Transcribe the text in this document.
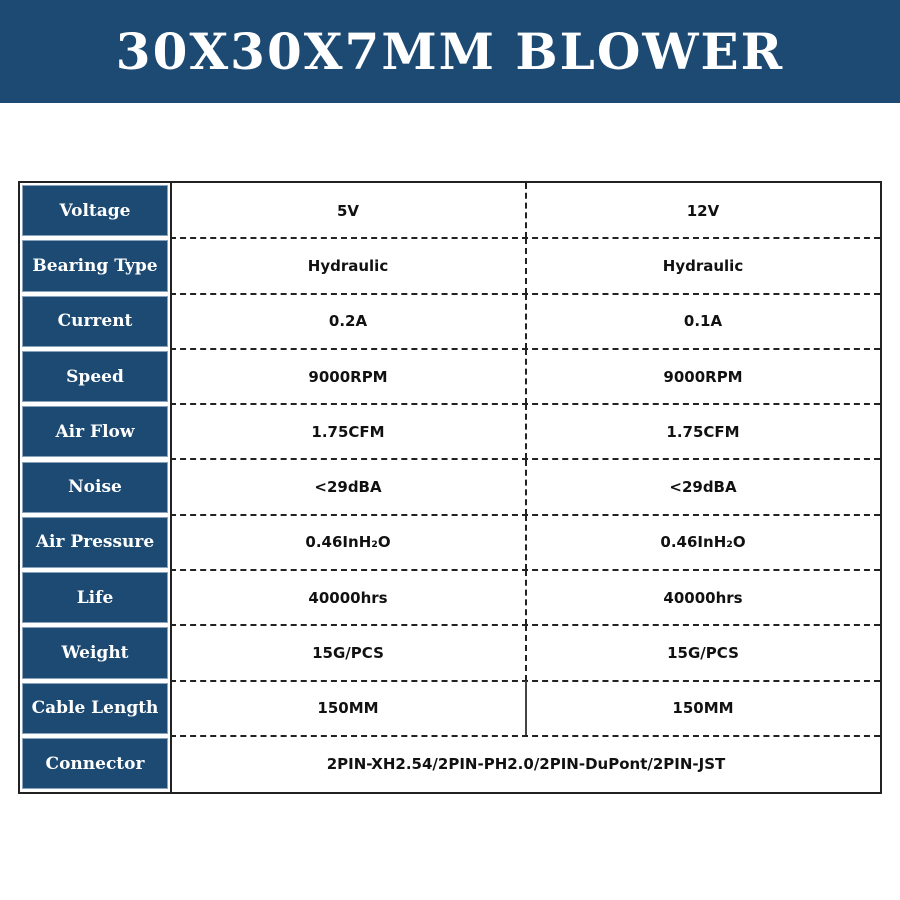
30X30X7MM BLOWER
Voltage	5V	12V
Bearing Type	Hydraulic	Hydraulic
Current	0.2A	0.1A
Speed	9000RPM	9000RPM
Air Flow	1.75CFM	1.75CFM
Noise	<29dBA	<29dBA
Air Pressure	0.46InH₂O	0.46InH₂O
Life	40000hrs	40000hrs
Weight	15G/PCS	15G/PCS
Cable Length	150MM	150MM
Connector	2PIN-XH2.54/2PIN-PH2.0/2PIN-DuPont/2PIN-JST
